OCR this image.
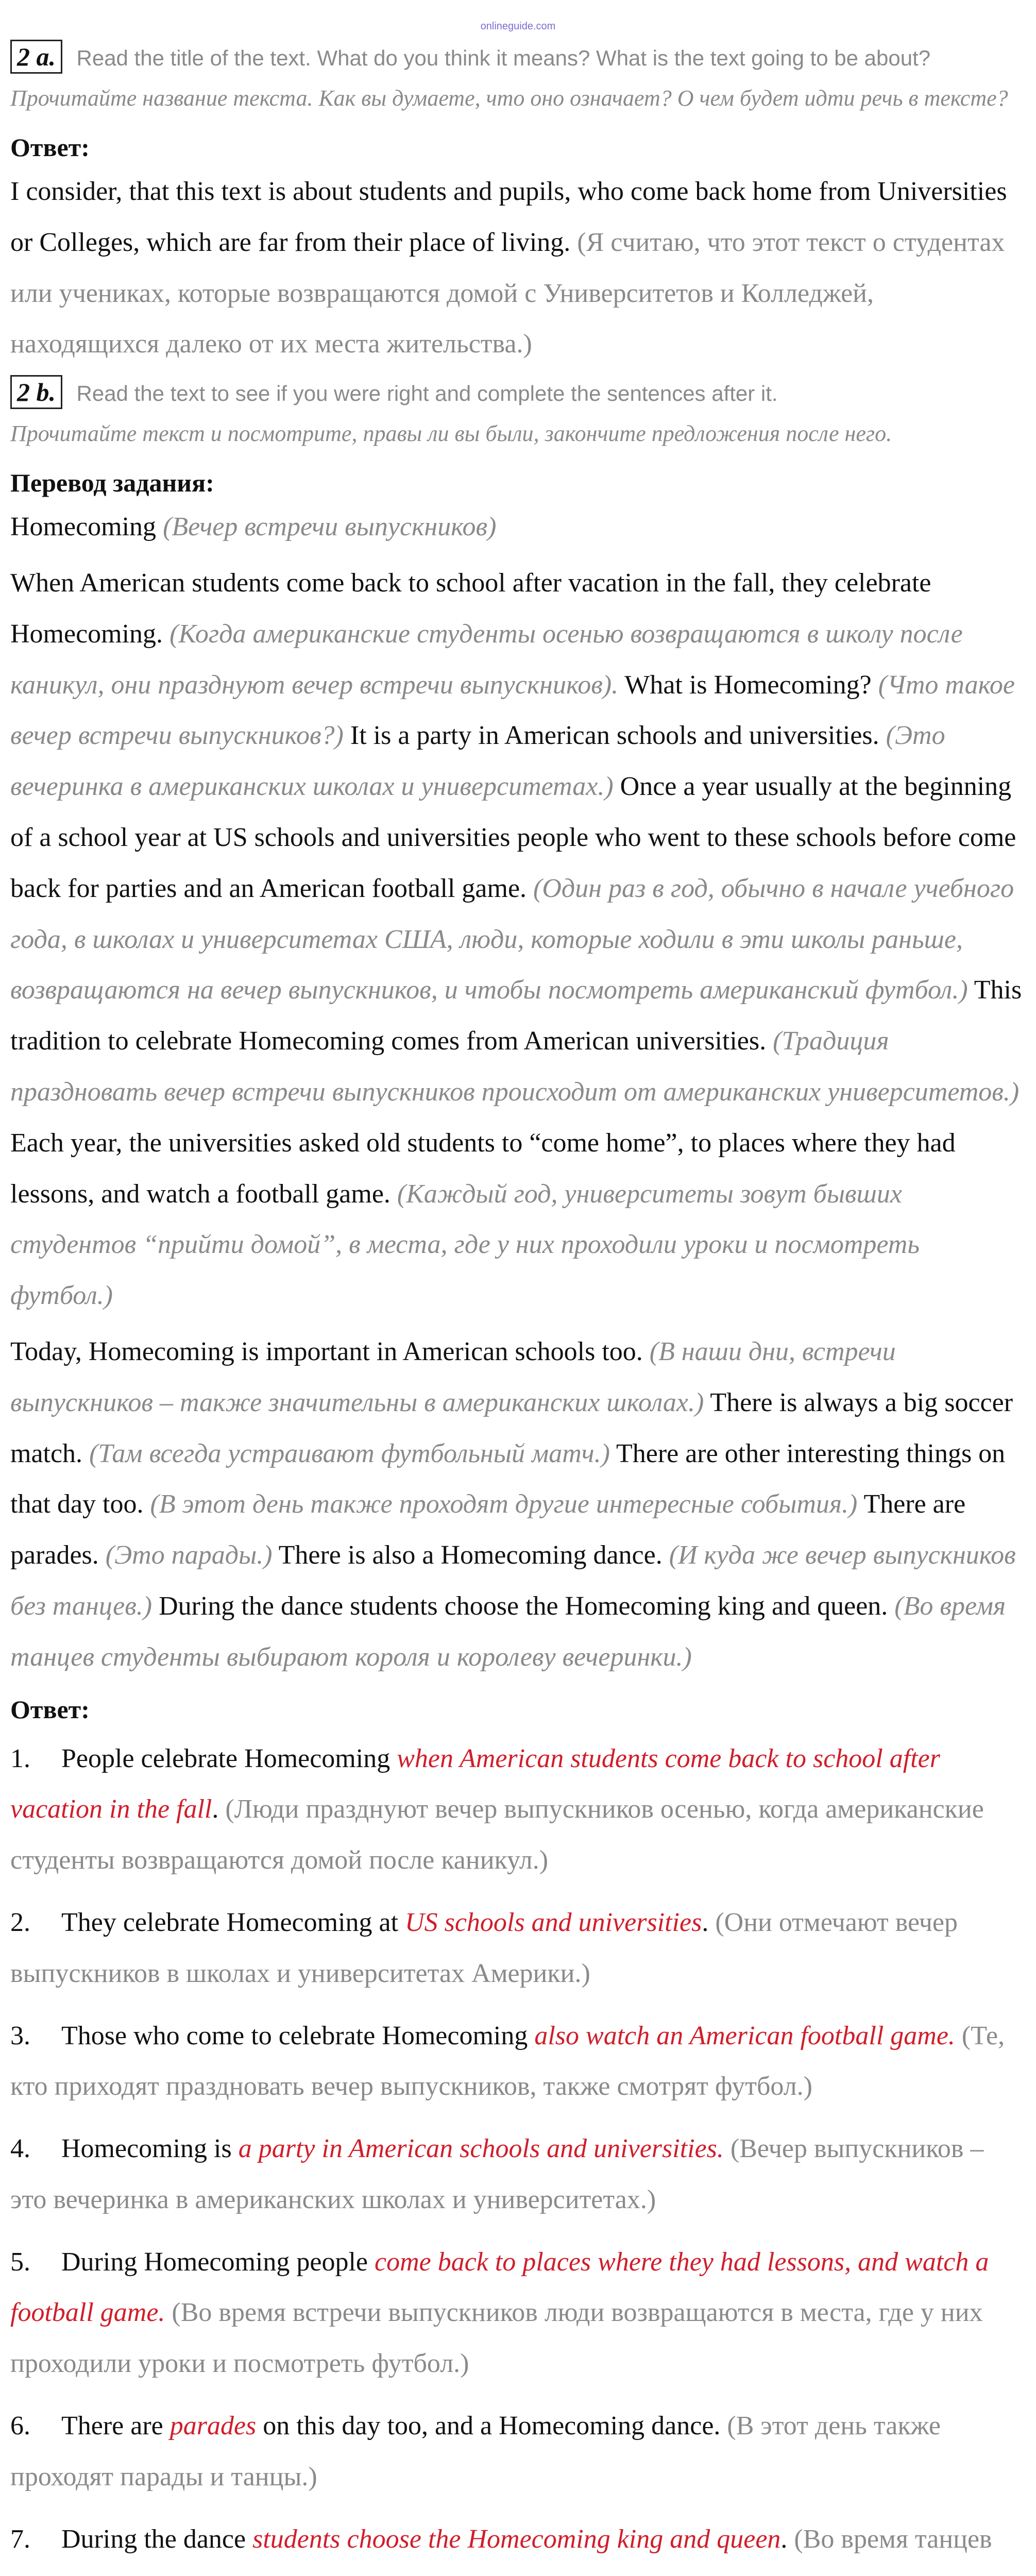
onlineguide.com
2 a. Read the title of the text. What do you think it means? What is the text going to be about?
Прочитайте название текста. Как вы думаете, что оно означает? О чем будет идти речь в тексте?
Ответ:

I consider, that this text is about students and pupils, who come back home from Universities or Colleges, which are far from their place of living. (Я считаю, что этот текст о студентах или учениках, которые возвращаются домой с Университетов и Колледжей, находящихся далеко от их места жительства.)

2 b. Read the text to see if you were right and complete the sentences after it.
Прочитайте текст и посмотрите, правы ли вы были, закончите предложения после него.
Перевод задания:

Homecoming (Вечер встречи выпускников)

When American students come back to school after vacation in the fall, they celebrate Homecoming. (Когда американские студенты осенью возвращаются в школу после каникул, они празднуют вечер встречи выпускников). What is Homecoming? (Что такое вечер встречи выпускников?) It is a party in American schools and universities. (Это вечеринка в американских школах и университетах.) Once a year usually at the beginning of a school year at US schools and universities people who went to these schools before come back for parties and an American football game. (Один раз в год, обычно в начале учебного года, в школах и университетах США, люди, которые ходили в эти школы раньше, возвращаются на вечер выпускников, и чтобы посмотреть американский футбол.) This tradition to celebrate Homecoming comes from American universities. (Традиция праздновать вечер встречи выпускников происходит от американских университетов.) Each year, the universities asked old students to “come home”, to places where they had lessons, and watch a football game. (Каждый год, университеты зовут бывших студентов “прийти домой”, в места, где у них проходили уроки и посмотреть футбол.)

Today, Homecoming is important in American schools too. (В наши дни, встречи выпускников – также значительны в американских школах.) There is always a big soccer match. (Там всегда устраивают футбольный матч.) There are other interesting things on that day too. (В этот день также проходят другие интересные события.) There are parades. (Это парады.) There is also a Homecoming dance. (И куда же вечер выпускников без танцев.) During the dance students choose the Homecoming king and queen. (Во время танцев студенты выбирают короля и королеву вечеринки.)

Ответ:
1. People celebrate Homecoming when American students come back to school after vacation in the fall. (Люди празднуют вечер выпускников осенью, когда американские студенты возвращаются домой после каникул.)
2. They celebrate Homecoming at US schools and universities. (Они отмечают вечер выпускников в школах и университетах Америки.)
3. Those who come to celebrate Homecoming also watch an American football game. (Те, кто приходят праздновать вечер выпускников, также смотрят футбол.)
4. Homecoming is a party in American schools and universities. (Вечер выпускников – это вечеринка в американских школах и университетах.)
5. During Homecoming people come back to places where they had lessons, and watch a football game. (Во время встречи выпускников люди возвращаются в места, где у них проходили уроки и посмотреть футбол.)
6. There are parades on this day too, and a Homecoming dance. (В этот день также проходят парады и танцы.)
7. During the dance students choose the Homecoming king and queen. (Во время танцев
